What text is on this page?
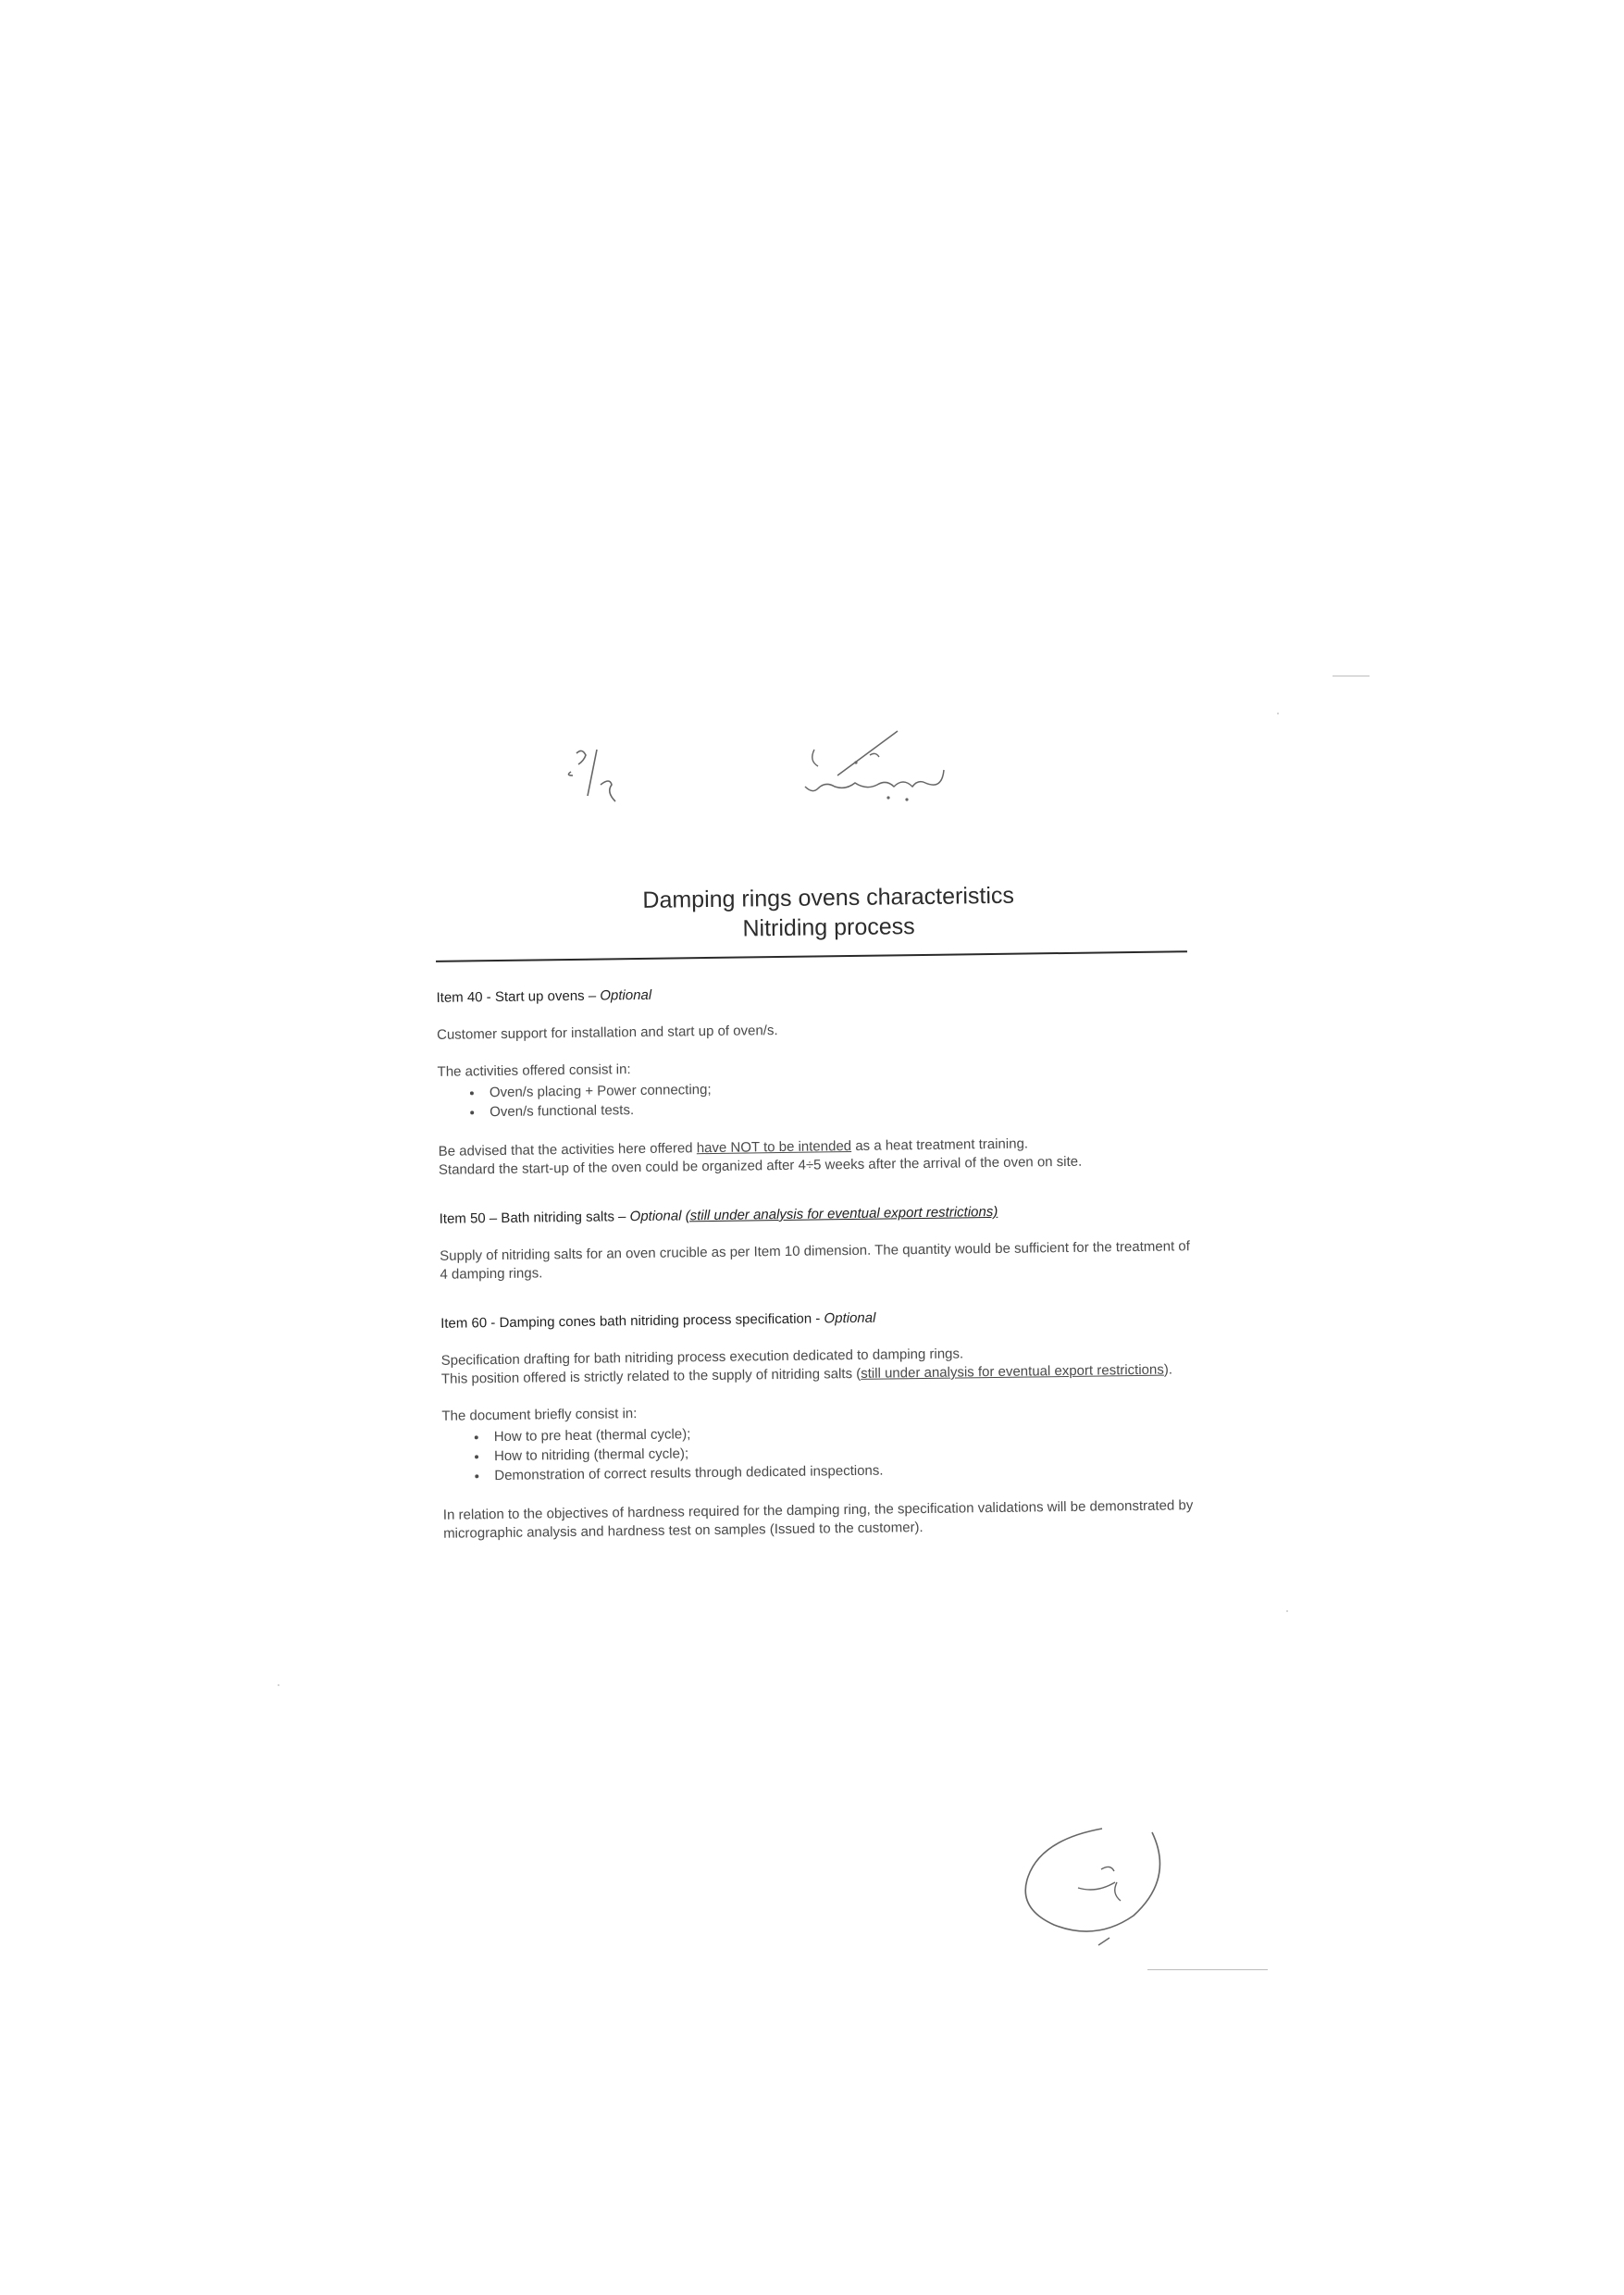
Damping rings ovens characteristics
Nitriding process
Item 40 - Start up ovens – Optional

Customer support for installation and start up of oven/s.

The activities offered consist in:

• Oven/s placing + Power connecting;
• Oven/s functional tests.

Be advised that the activities here offered have NOT to be intended as a heat treatment training.
Standard the start-up of the oven could be organized after 4÷5 weeks after the arrival of the oven on site.

Item 50 – Bath nitriding salts – Optional (still under analysis for eventual export restrictions)

Supply of nitriding salts for an oven crucible as per Item 10 dimension. The quantity would be sufficient for the treatment of 4 damping rings.

Item 60 - Damping cones bath nitriding process specification - Optional

Specification drafting for bath nitriding process execution dedicated to damping rings.
This position offered is strictly related to the supply of nitriding salts (still under analysis for eventual export restrictions).

The document briefly consist in:

• How to pre heat (thermal cycle);
• How to nitriding (thermal cycle);
• Demonstration of correct results through dedicated inspections.

In relation to the objectives of hardness required for the damping ring, the specification validations will be demonstrated by micrographic analysis and hardness test on samples (Issued to the customer).
